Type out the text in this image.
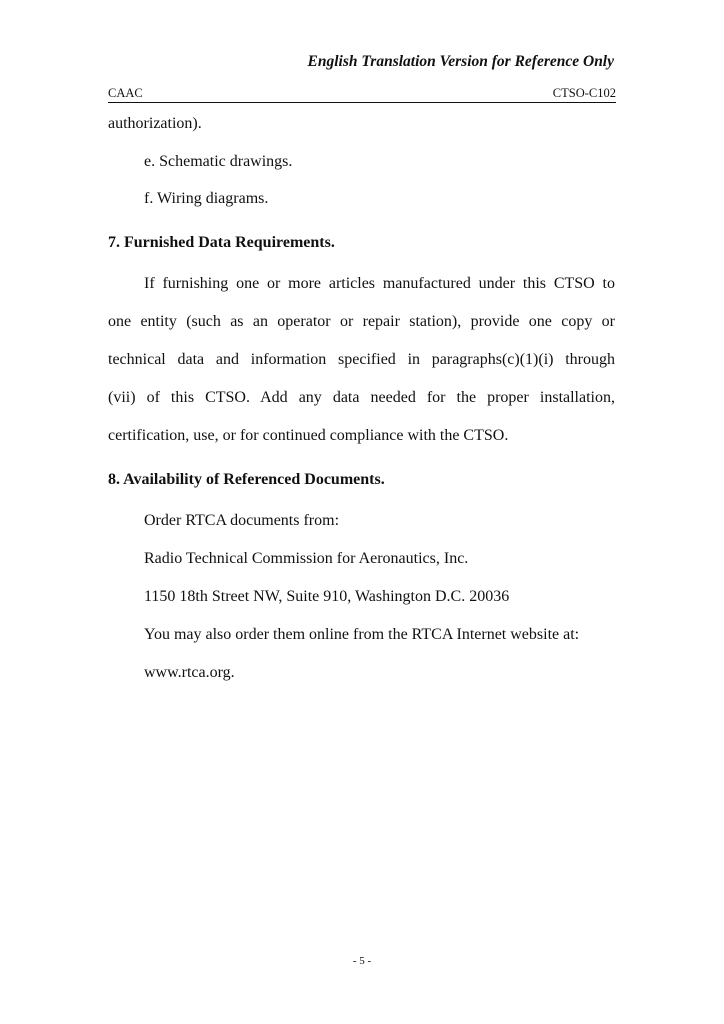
English Translation Version for Reference Only
CAAC	CTSO-C102
authorization).
e. Schematic drawings.
f. Wiring diagrams.
7. Furnished Data Requirements.
If furnishing one or more articles manufactured under this CTSO to
one entity (such as an operator or repair station), provide one copy or
technical data and information specified in paragraphs(c)(1)(i) through
(vii) of this CTSO. Add any data needed for the proper installation,
certification, use, or for continued compliance with the CTSO.
8. Availability of Referenced Documents.
Order RTCA documents from:
Radio Technical Commission for Aeronautics, Inc.
1150 18th Street NW, Suite 910, Washington D.C. 20036
You may also order them online from the RTCA Internet website at:
www.rtca.org.
- 5 -
